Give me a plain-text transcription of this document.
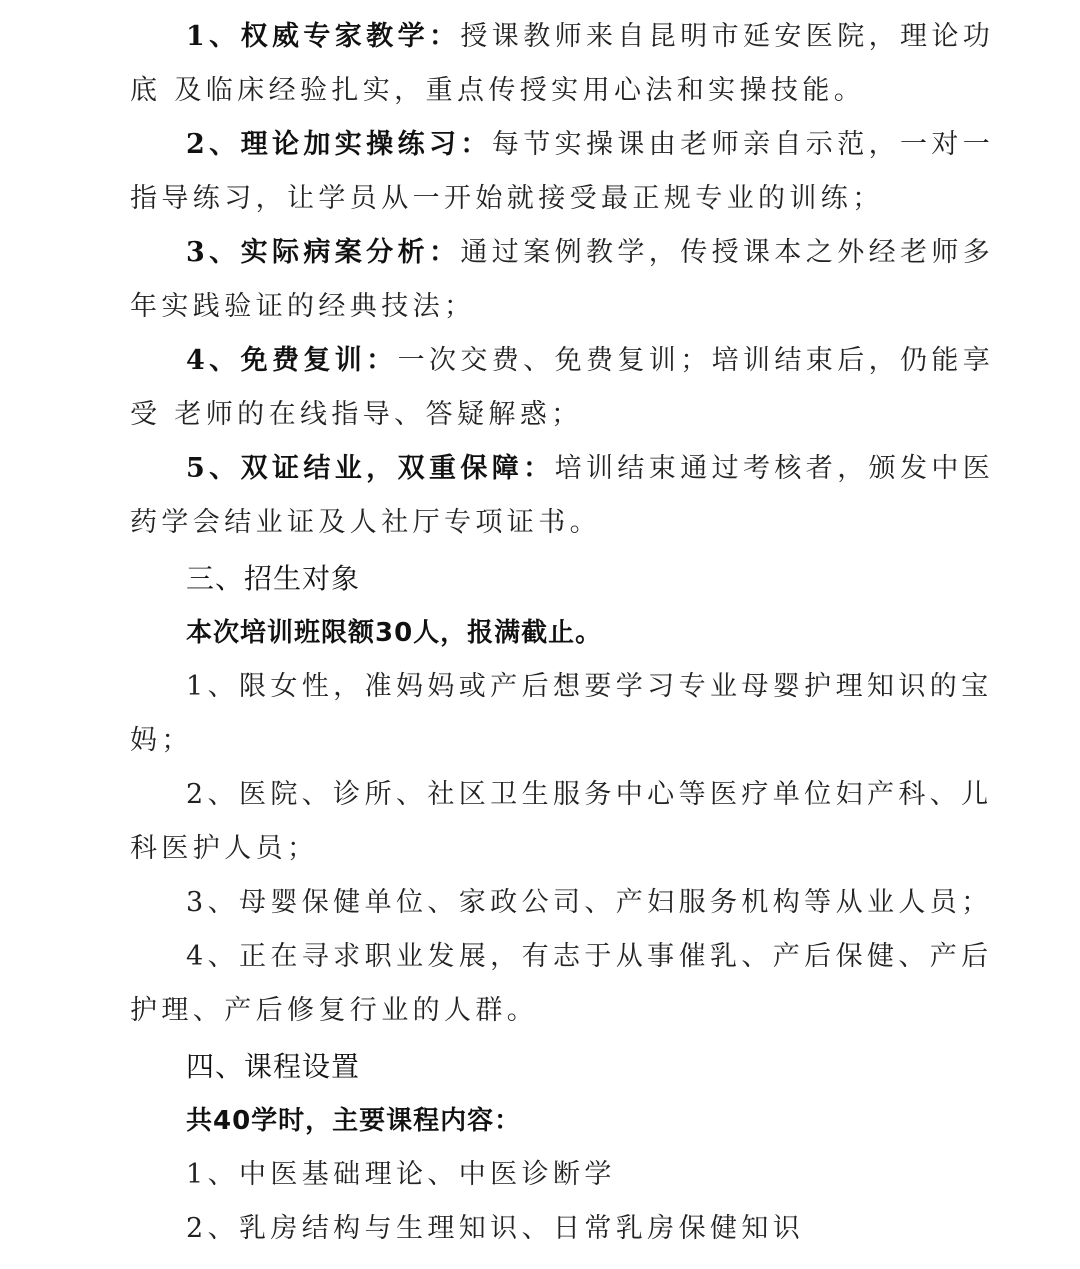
1、权威专家教学：授课教师来自昆明市延安医院，理论功
底 及临床经验扎实，重点传授实用心法和实操技能。
2、理论加实操练习：每节实操课由老师亲自示范，一对一
指导练习，让学员从一开始就接受最正规专业的训练；
3、实际病案分析：通过案例教学，传授课本之外经老师多
年实践验证的经典技法；
4、免费复训：一次交费、免费复训；培训结束后，仍能享
受 老师的在线指导、答疑解惑；
5、双证结业，双重保障：培训结束通过考核者，颁发中医
药学会结业证及人社厅专项证书。
三、招生对象
本次培训班限额30人，报满截止。
1、限女性，准妈妈或产后想要学习专业母婴护理知识的宝
妈；
2、医院、诊所、社区卫生服务中心等医疗单位妇产科、儿
科医护人员；
3、母婴保健单位、家政公司、产妇服务机构等从业人员；
4、正在寻求职业发展，有志于从事催乳、产后保健、产后
护理、产后修复行业的人群。
四、课程设置
共40学时，主要课程内容：
1、中医基础理论、中医诊断学
2、乳房结构与生理知识、日常乳房保健知识
